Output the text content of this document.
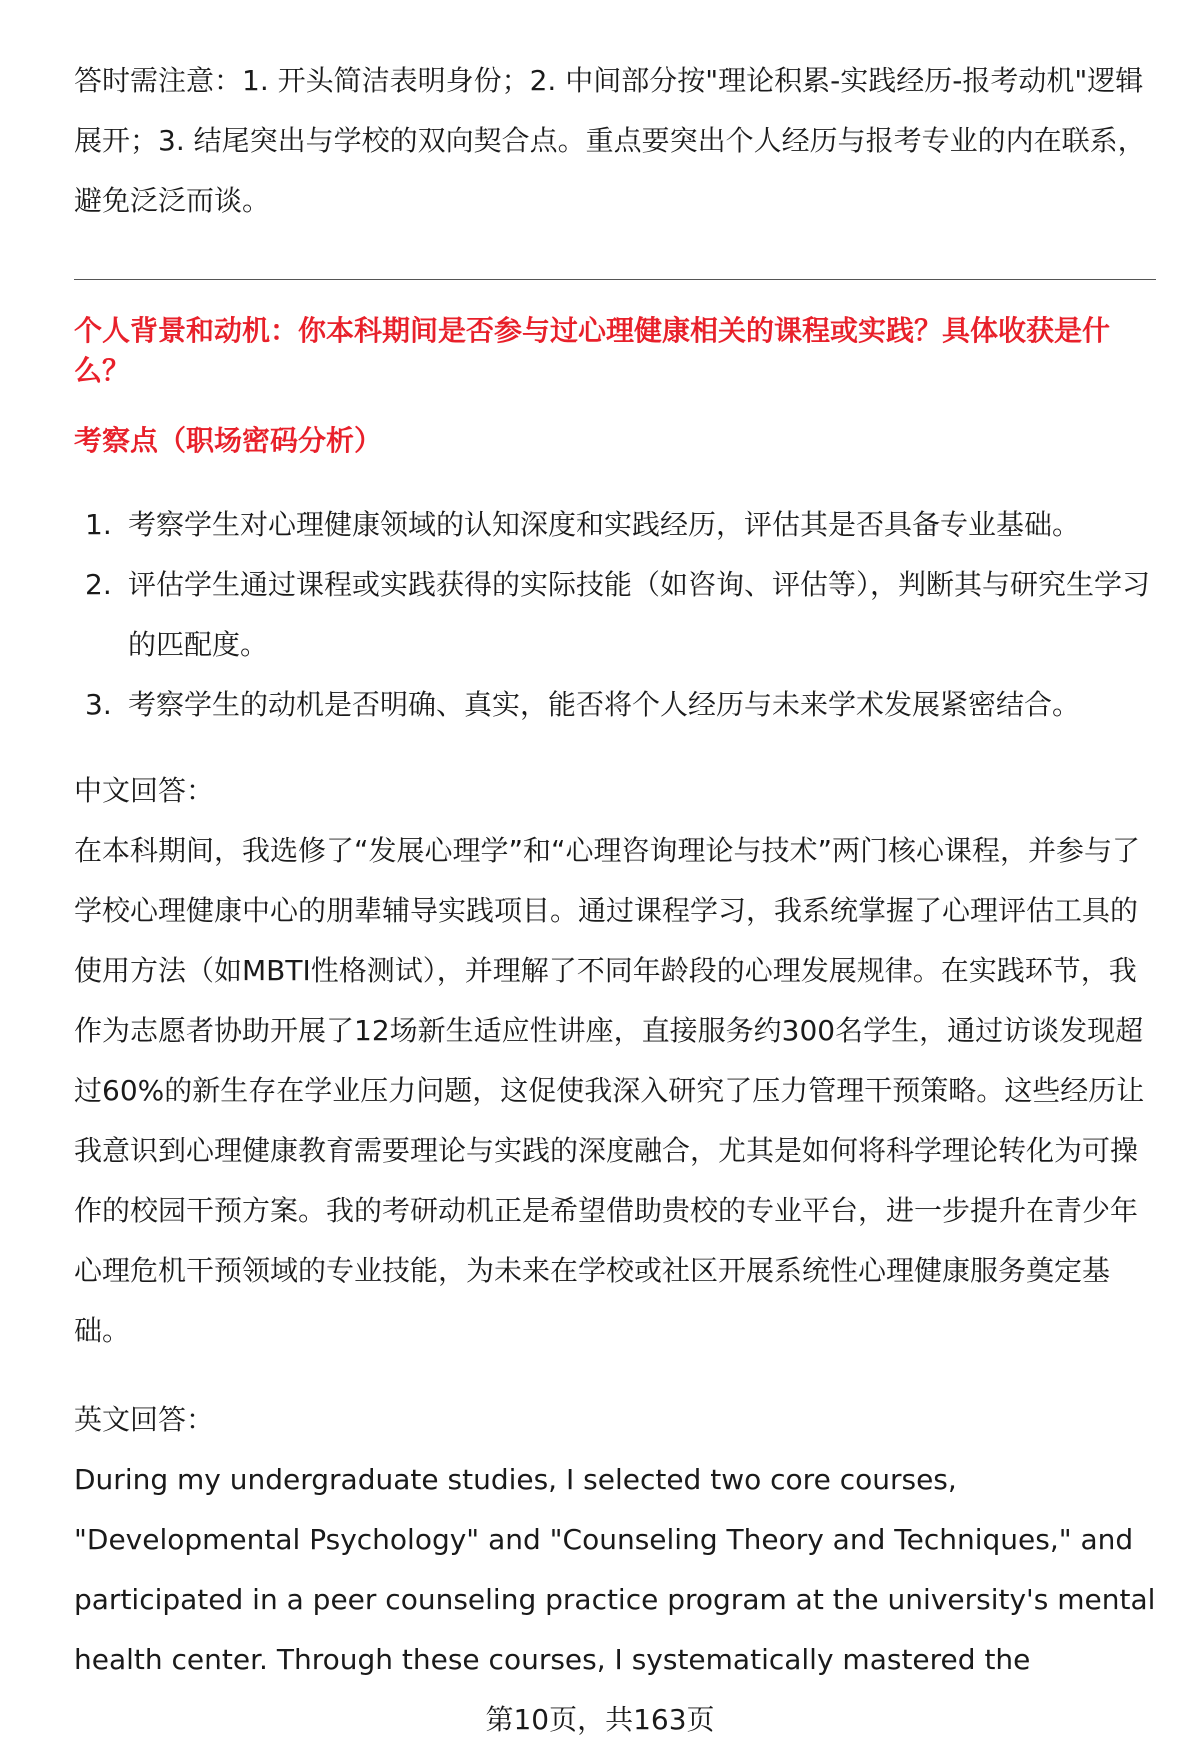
答时需注意：1. 开头简洁表明身份；2. 中间部分按"理论积累-实践经历-报考动机"逻辑展开；3. 结尾突出与学校的双向契合点。重点要突出个人经历与报考专业的内在联系，避免泛泛而谈。

个人背景和动机：你本科期间是否参与过心理健康相关的课程或实践？具体收获是什么？
考察点（职场密码分析）
1. 考察学生对心理健康领域的认知深度和实践经历，评估其是否具备专业基础。
2. 评估学生通过课程或实践获得的实际技能（如咨询、评估等），判断其与研究生学习的匹配度。
3. 考察学生的动机是否明确、真实，能否将个人经历与未来学术发展紧密结合。

中文回答：

在本科期间，我选修了“发展心理学”和“心理咨询理论与技术”两门核心课程，并参与了学校心理健康中心的朋辈辅导实践项目。通过课程学习，我系统掌握了心理评估工具的使用方法（如MBTI性格测试），并理解了不同年龄段的心理发展规律。在实践环节，我作为志愿者协助开展了12场新生适应性讲座，直接服务约300名学生，通过访谈发现超过60%的新生存在学业压力问题，这促使我深入研究了压力管理干预策略。这些经历让我意识到心理健康教育需要理论与实践的深度融合，尤其是如何将科学理论转化为可操作的校园干预方案。我的考研动机正是希望借助贵校的专业平台，进一步提升在青少年心理危机干预领域的专业技能，为未来在学校或社区开展系统性心理健康服务奠定基础。

英文回答：

During my undergraduate studies, I selected two core courses, "Developmental Psychology" and "Counseling Theory and Techniques," and participated in a peer counseling practice program at the university's mental health center. Through these courses, I systematically mastered the

第10页，共163页
